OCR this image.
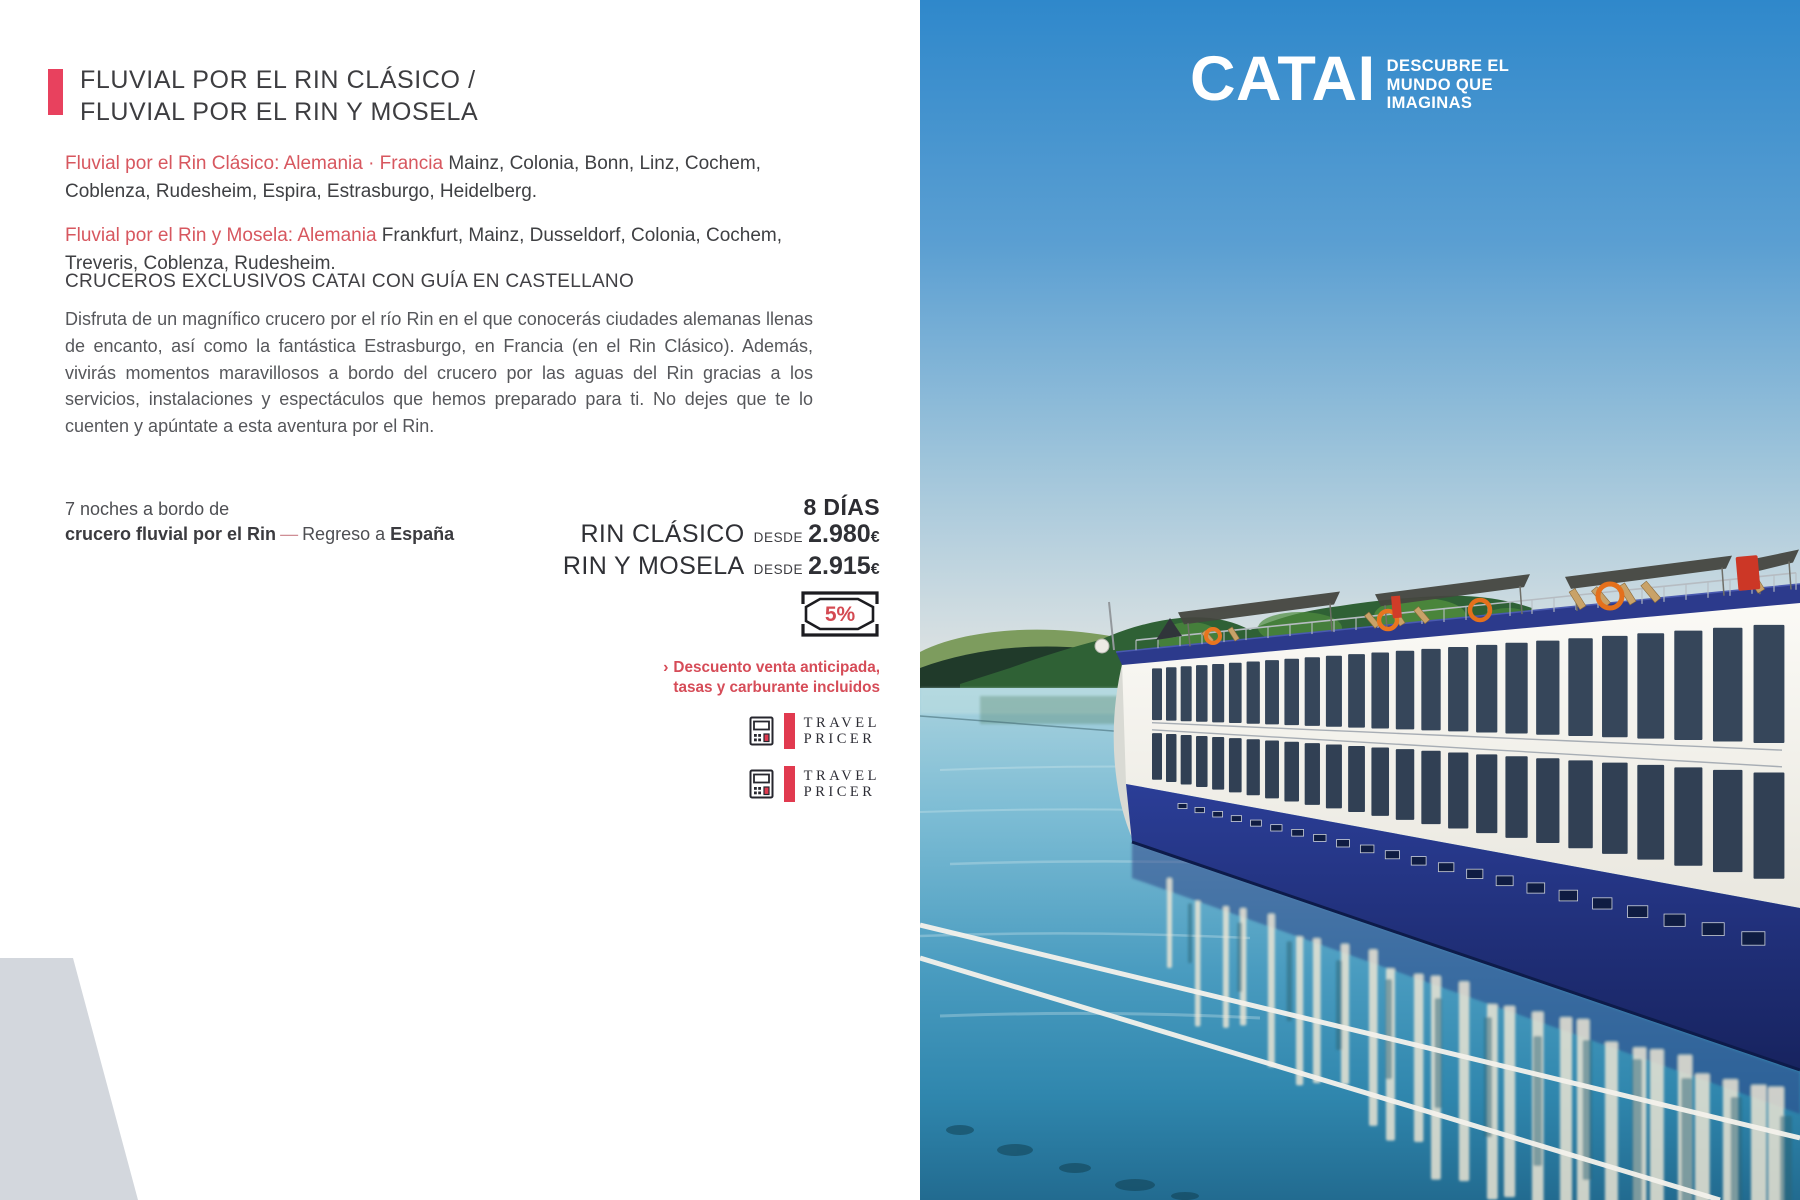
FLUVIAL POR EL RIN CLÁSICO /
FLUVIAL POR EL RIN Y MOSELA

Fluvial por el Rin Clásico: Alemania · Francia Mainz, Colonia, Bonn, Linz, Cochem, Coblenza, Rudesheim, Espira, Estrasburgo, Heidelberg.

Fluvial por el Rin y Mosela: Alemania Frankfurt, Mainz, Dusseldorf, Colonia, Cochem, Treveris, Coblenza, Rudesheim.

CRUCEROS EXCLUSIVOS CATAI CON GUÍA EN CASTELLANO
Disfruta de un magnífico crucero por el río Rin en el que conocerás ciudades alemanas llenas de encanto, así como la fantástica Estrasburgo, en Francia (en el Rin Clásico). Además, vivirás momentos maravillosos a bordo del crucero por las aguas del Rin gracias a los servicios, instalaciones y espectáculos que hemos preparado para ti. No dejes que te lo cuenten y apúntate a esta aventura por el Rin.
7 noches a bordo de
crucero fluvial por el Rin — Regreso a España
8 DÍAS
RIN CLÁSICO DESDE 2.980€
RIN Y MOSELA DESDE 2.915€
5%
› Descuento venta anticipada,
tasas y carburante incluidos
TRAVEL
PRICER
TRAVEL
PRICER
CATAI DESCUBRE EL
MUNDO QUE
IMAGINAS
